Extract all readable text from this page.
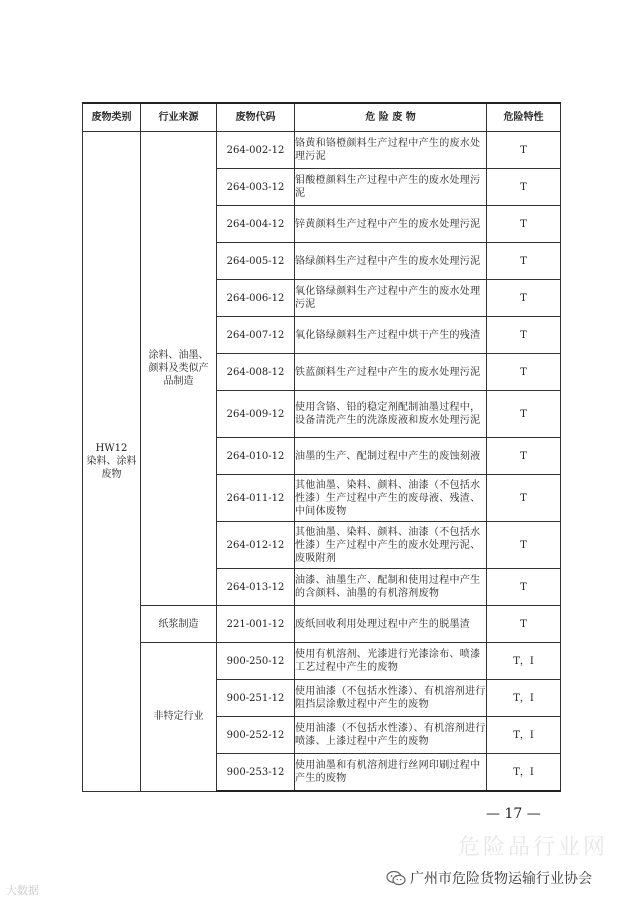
废物类别	行业来源	废物代码	危 险 废 物	危险特性

HW12
染料、涂料废物	涂料、油墨、颜料及类似产品制造	264-002-12	铬黄和铬橙颜料生产过程中产生的废水处理污泥	T
		264-003-12	钼酸橙颜料生产过程中产生的废水处理污泥	T
		264-004-12	锌黄颜料生产过程中产生的废水处理污泥	T
		264-005-12	铬绿颜料生产过程中产生的废水处理污泥	T
		264-006-12	氧化铬绿颜料生产过程中产生的废水处理污泥	T
		264-007-12	氧化铬绿颜料生产过程中烘干产生的残渣	T
		264-008-12	铁蓝颜料生产过程中产生的废水处理污泥	T
		264-009-12	使用含铬、铅的稳定剂配制油墨过程中，设备清洗产生的洗涤废液和废水处理污泥	T
		264-010-12	油墨的生产、配制过程中产生的废蚀刻液	T
		264-011-12	其他油墨、染料、颜料、油漆（不包括水性漆）生产过程中产生的废母液、残渣、中间体废物	T
		264-012-12	其他油墨、染料、颜料、油漆（不包括水性漆）生产过程中产生的废水处理污泥、废吸附剂	T
		264-013-12	油漆、油墨生产、配制和使用过程中产生的含颜料、油墨的有机溶剂废物	T

	纸浆制造	221-001-12	废纸回收利用处理过程中产生的脱墨渣	T

	非特定行业	900-250-12	使用有机溶剂、光漆进行光漆涂布、喷漆工艺过程中产生的废物	T，I
		900-251-12	使用油漆（不包括水性漆）、有机溶剂进行阻挡层涂敷过程中产生的废物	T，I
		900-252-12	使用油漆（不包括水性漆）、有机溶剂进行喷漆、上漆过程中产生的废物	T，I
		900-253-12	使用油墨和有机溶剂进行丝网印刷过程中产生的废物	T，I
— 17 —
危险品行业网
大数据
广州市危险货物运输行业协会
